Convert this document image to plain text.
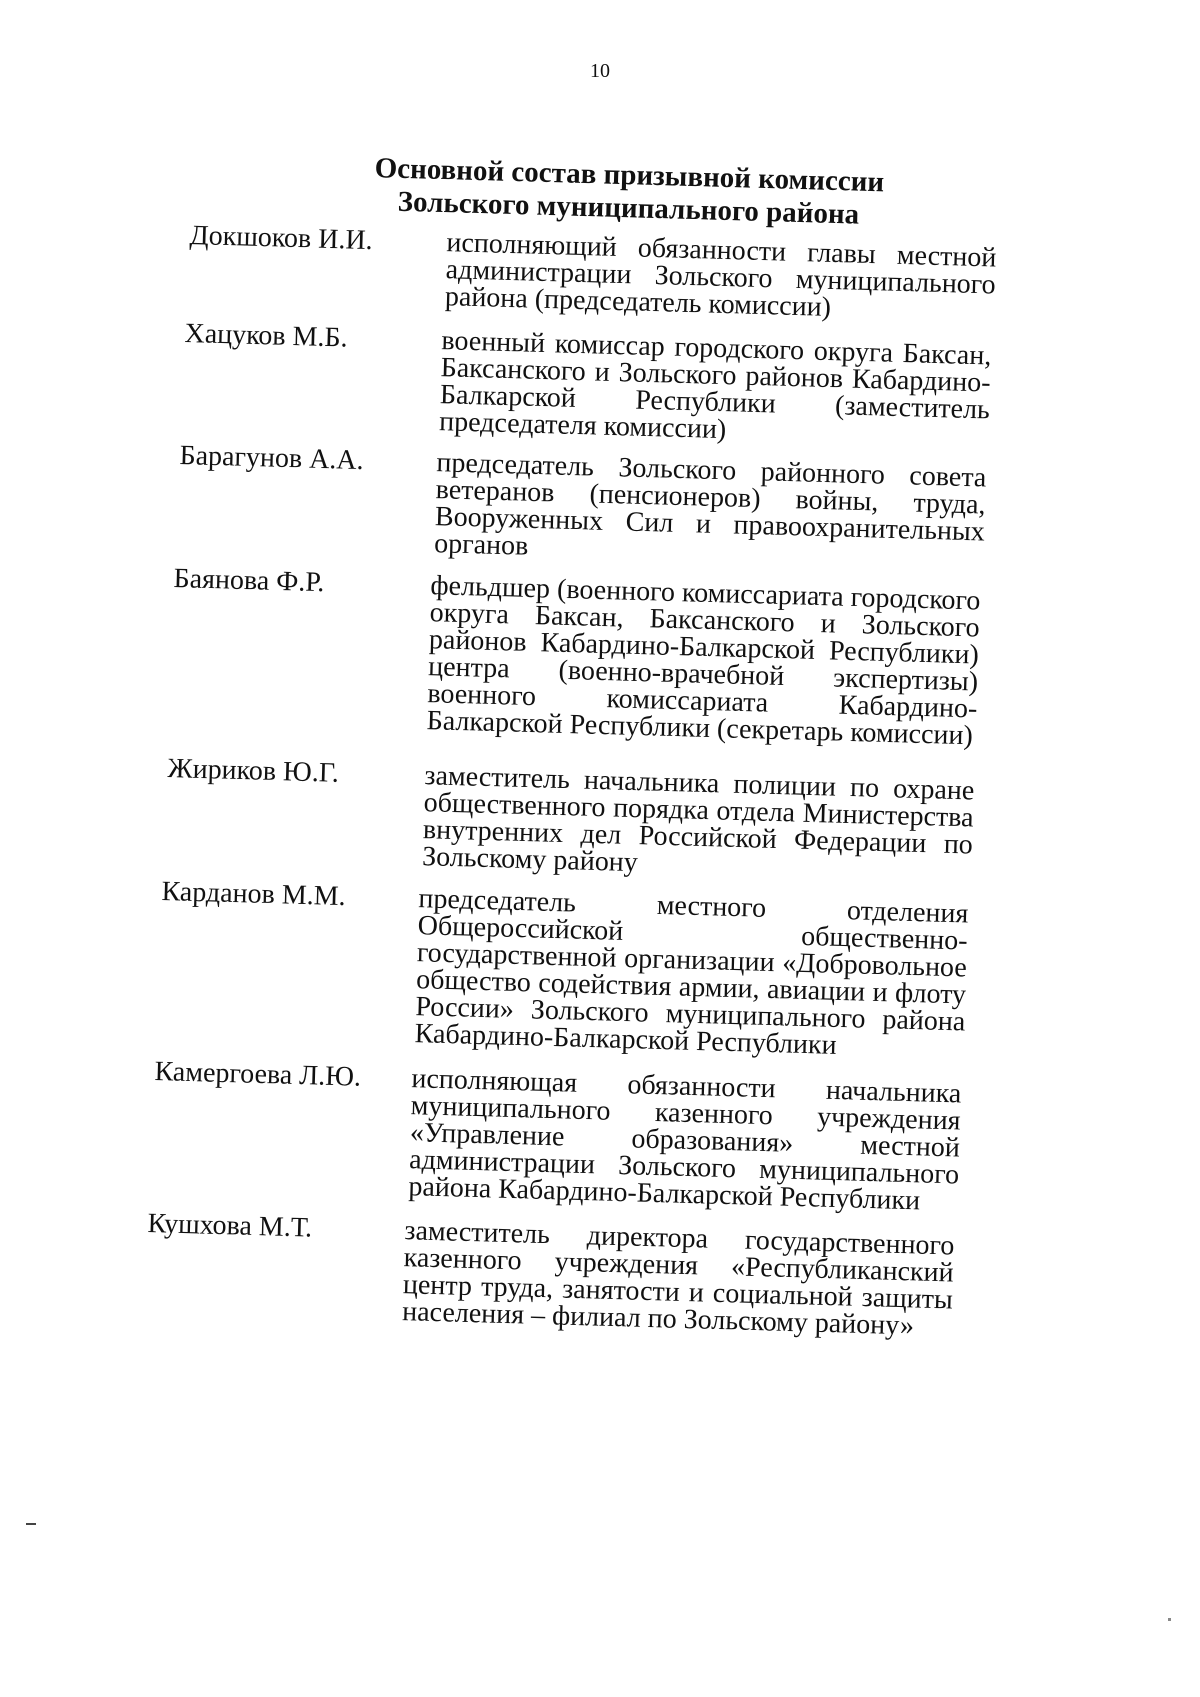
10
Основной состав призывной комиссии
Зольского муниципального района
Докшоков И.И.	исполняющий обязанности главы местной администрации Зольского муниципального района (председатель комиссии)
Хацуков М.Б.	военный комиссар городского округа Баксан, Баксанского и Зольского районов Кабардино-Балкарской Республики (заместитель председателя комиссии)
Барагунов А.А.	председатель Зольского районного совета ветеранов (пенсионеров) войны, труда, Вооруженных Сил и правоохранительных органов
Баянова Ф.Р.	фельдшер (военного комиссариата городского округа Баксан, Баксанского и Зольского районов Кабардино-Балкарской Республики) центра (военно-врачебной экспертизы) военного комиссариата Кабардино-Балкарской Республики (секретарь комиссии)
Жириков Ю.Г.	заместитель начальника полиции по охране общественного порядка отдела Министерства внутренних дел Российской Федерации по Зольскому району
Карданов М.М.	председатель местного отделения Общероссийской общественно-государственной организации «Добровольное общество содействия армии, авиации и флоту России» Зольского муниципального района Кабардино-Балкарской Республики
Камергоева Л.Ю. исполняющая обязанности начальника муниципального казенного учреждения «Управление образования» местной администрации Зольского муниципального района Кабардино-Балкарской Республики
Кушхова М.Т.	заместитель директора государственного казенного учреждения «Республиканский центр труда, занятости и социальной защиты населения – филиал по Зольскому району»
